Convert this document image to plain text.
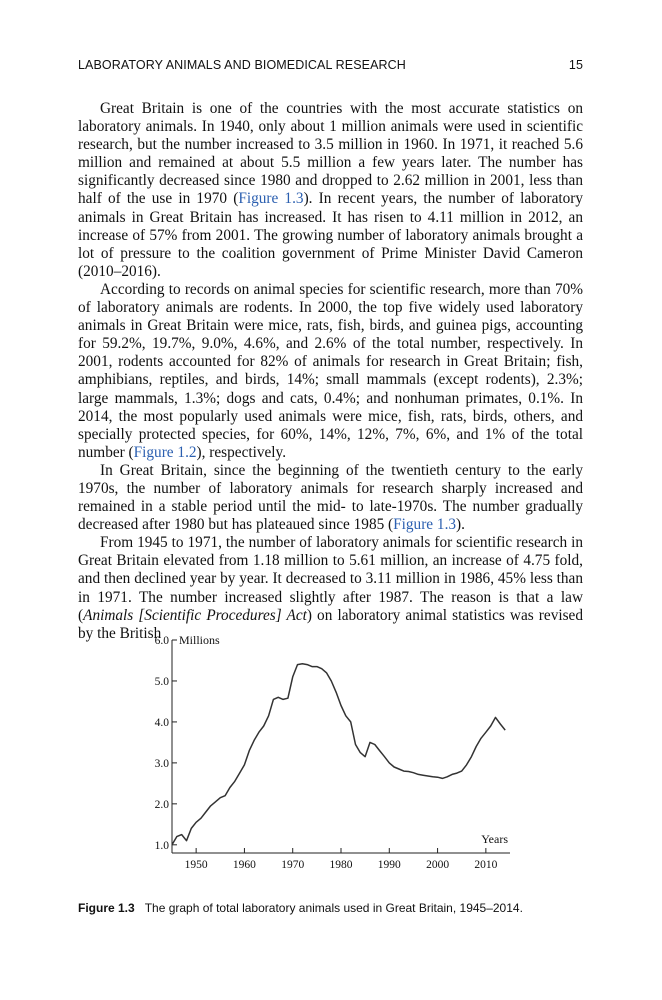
LABORATORY ANIMALS AND BIOMEDICAL RESEARCH	15

Great Britain is one of the countries with the most accurate statistics on laboratory animals. In 1940, only about 1 million animals were used in scientific research, but the number increased to 3.5 million in 1960. In 1971, it reached 5.6 million and remained at about 5.5 million a few years later. The number has significantly decreased since 1980 and dropped to 2.62 million in 2001, less than half of the use in 1970 (Figure 1.3). In recent years, the number of laboratory animals in Great Britain has increased. It has risen to 4.11 million in 2012, an increase of 57% from 2001. The growing number of laboratory animals brought a lot of pressure to the coalition government of Prime Minister David Cameron (2010–2016).

According to records on animal species for scientific research, more than 70% of laboratory animals are rodents. In 2000, the top five widely used laboratory animals in Great Britain were mice, rats, fish, birds, and guinea pigs, accounting for 59.2%, 19.7%, 9.0%, 4.6%, and 2.6% of the total number, respectively. In 2001, rodents accounted for 82% of animals for research in Great Britain; fish, amphibians, reptiles, and birds, 14%; small mammals (except rodents), 2.3%; large mammals, 1.3%; dogs and cats, 0.4%; and nonhuman primates, 0.1%. In 2014, the most popularly used animals were mice, fish, rats, birds, others, and specially protected species, for 60%, 14%, 12%, 7%, 6%, and 1% of the total number (Figure 1.2), respectively.

In Great Britain, since the beginning of the twentieth century to the early 1970s, the number of laboratory animals for research sharply increased and remained in a stable period until the mid- to late-1970s. The number gradually decreased after 1980 but has plateaued since 1985 (Figure 1.3).

From 1945 to 1971, the number of laboratory animals for scientific research in Great Britain elevated from 1.18 million to 5.61 million, an increase of 4.75 fold, and then declined year by year. It decreased to 3.11 million in 1986, 45% less than in 1971. The number increased slightly after 1987. The reason is that a law (Animals [Scientific Procedures] Act) on laboratory animal statistics was revised by the British

1.0
2.0
3.0
4.0
5.0
6.0
1950 1960 1970 1980 1990 2000 2010
Millions
Years
Figure 1.3 The graph of total laboratory animals used in Great Britain, 1945–2014.
